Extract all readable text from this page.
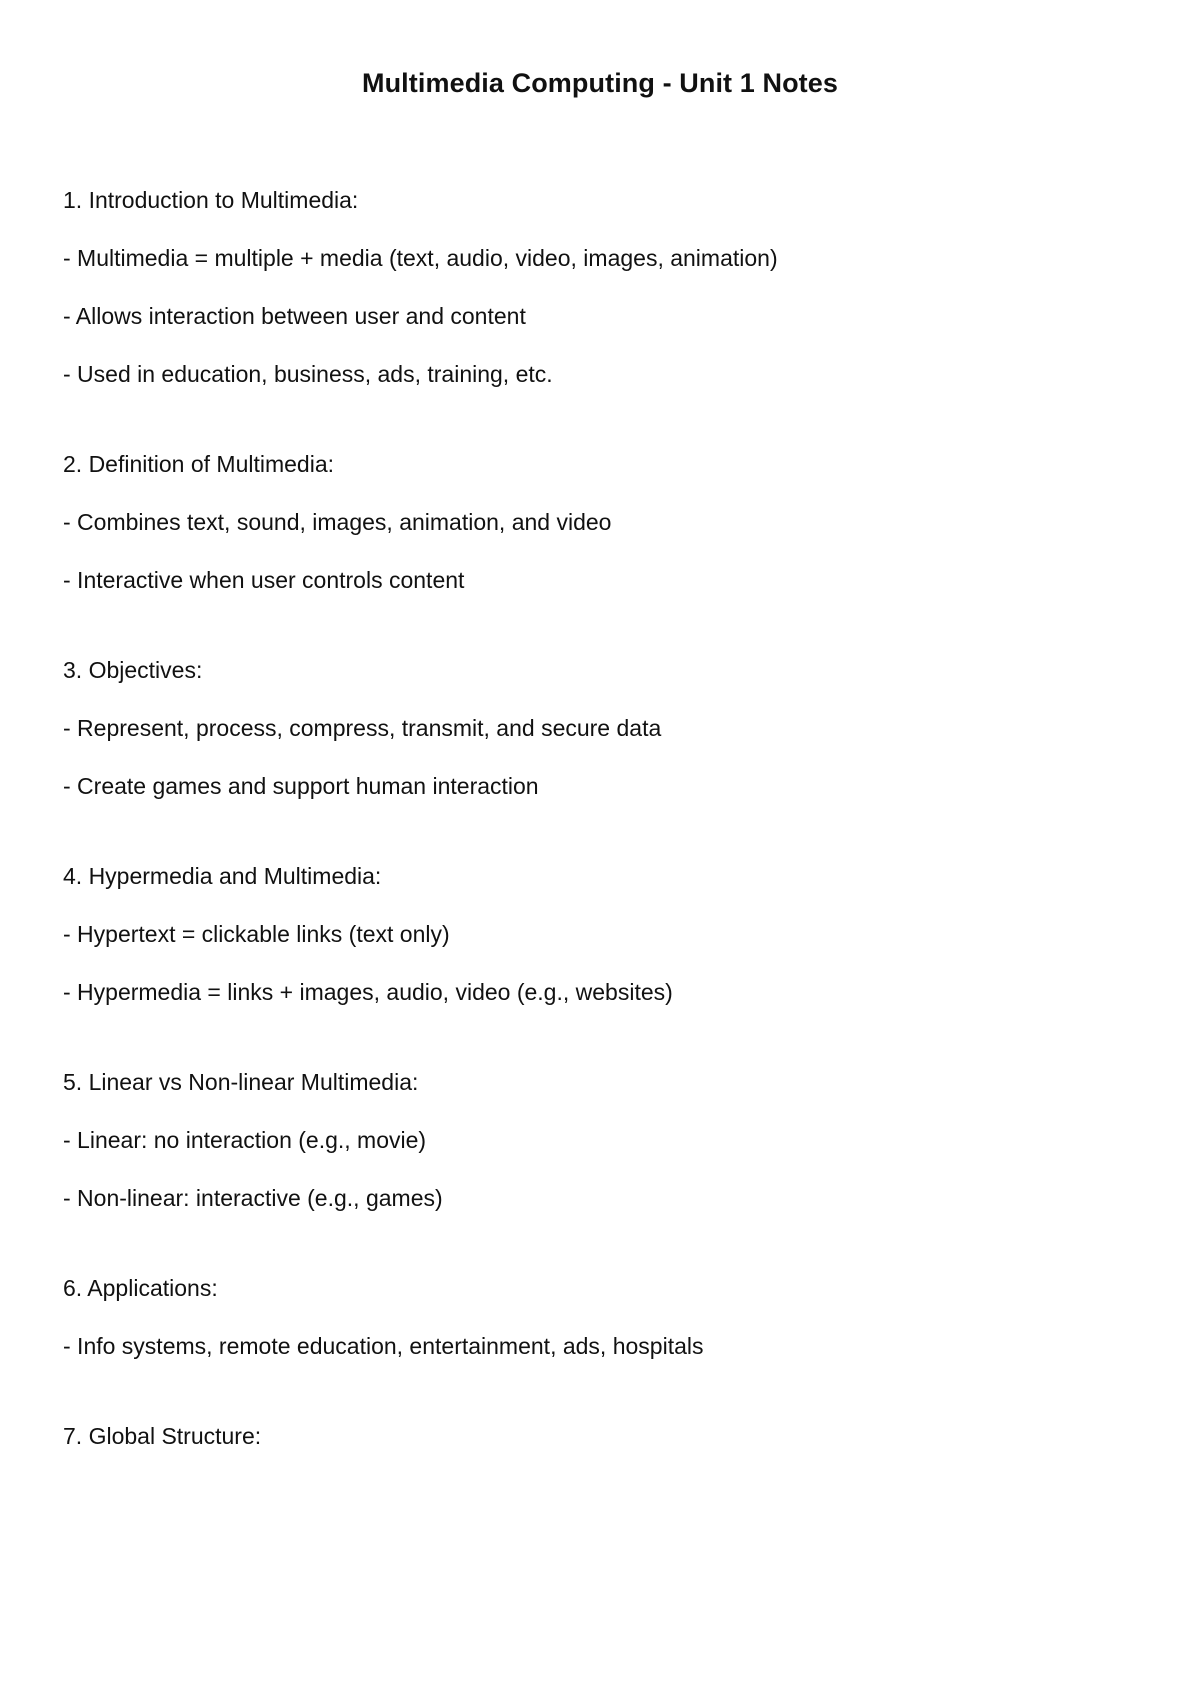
Multimedia Computing - Unit 1 Notes
1. Introduction to Multimedia:
- Multimedia = multiple + media (text, audio, video, images, animation)
- Allows interaction between user and content
- Used in education, business, ads, training, etc.
2. Definition of Multimedia:
- Combines text, sound, images, animation, and video
- Interactive when user controls content
3. Objectives:
- Represent, process, compress, transmit, and secure data
- Create games and support human interaction
4. Hypermedia and Multimedia:
- Hypertext = clickable links (text only)
- Hypermedia = links + images, audio, video (e.g., websites)
5. Linear vs Non-linear Multimedia:
- Linear: no interaction (e.g., movie)
- Non-linear: interactive (e.g., games)
6. Applications:
- Info systems, remote education, entertainment, ads, hospitals
7. Global Structure:
